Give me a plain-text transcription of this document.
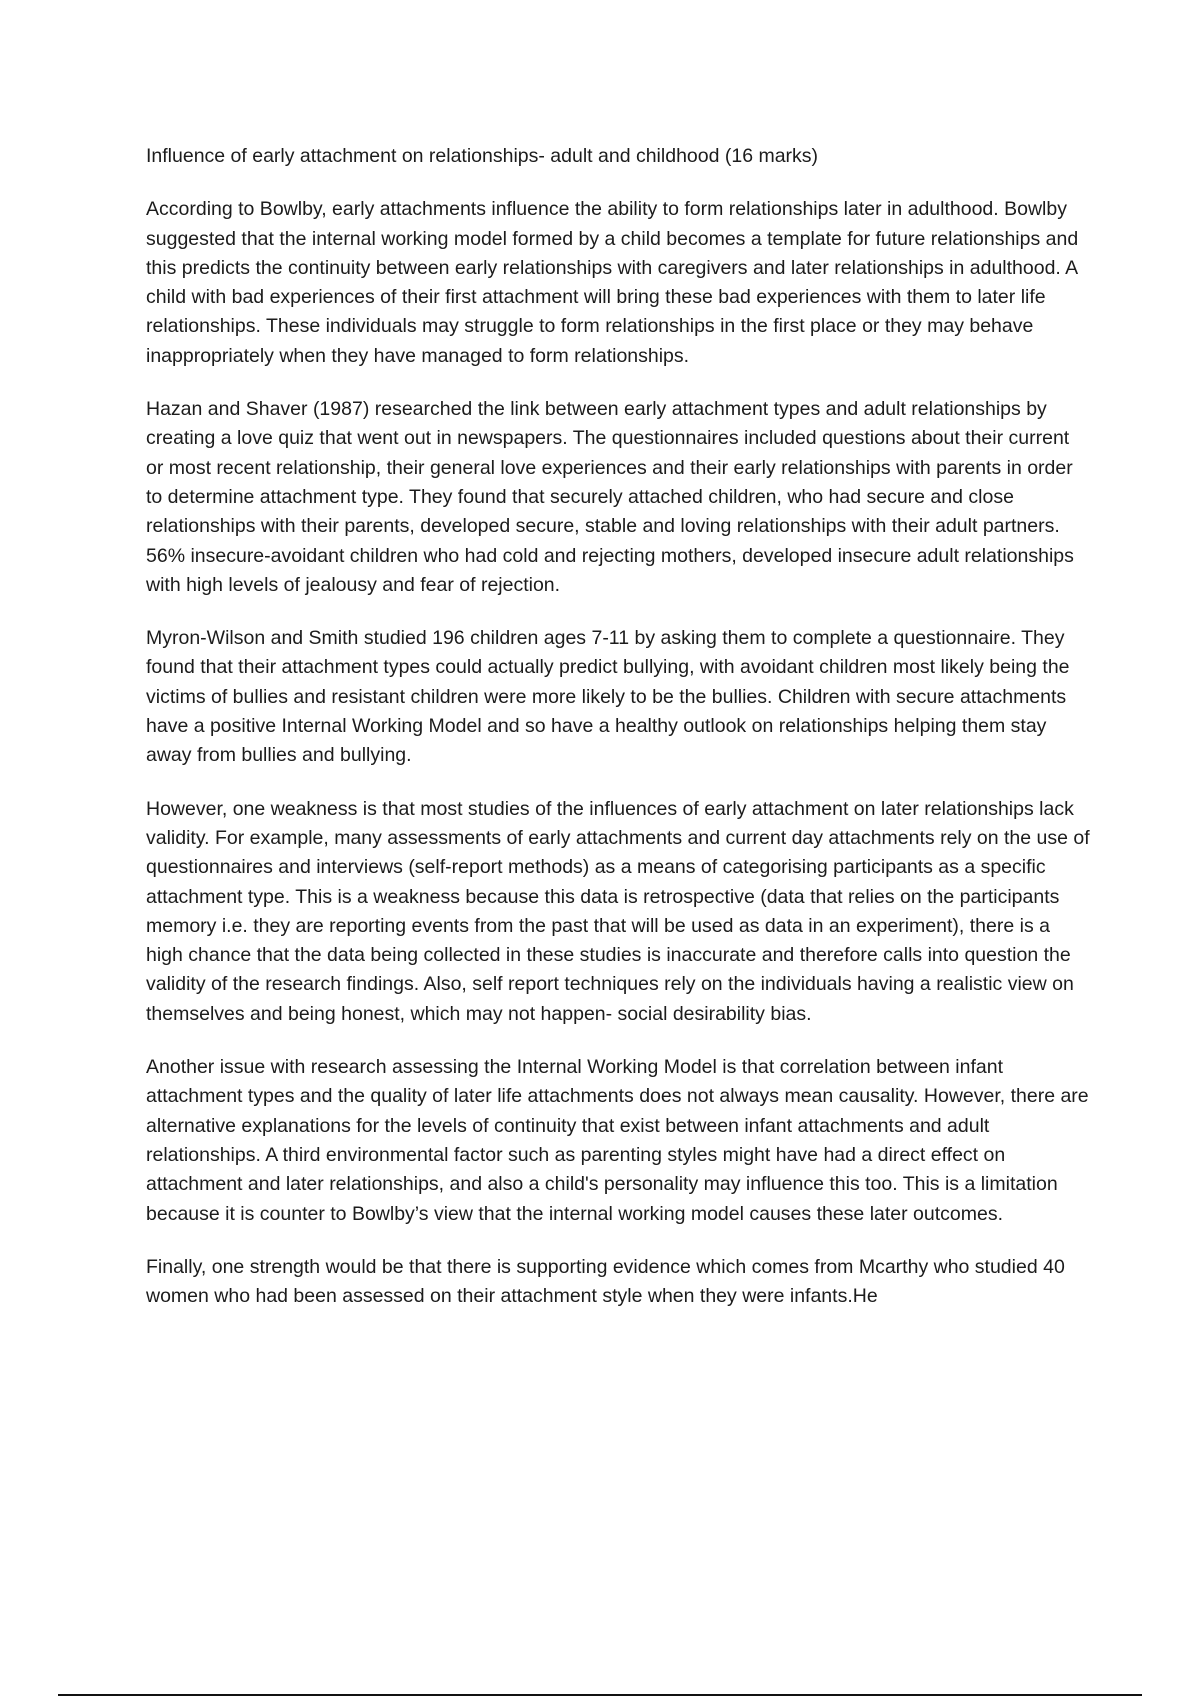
Influence of early attachment on relationships- adult and childhood (16 marks)

According to Bowlby, early attachments influence the ability to form relationships later in adulthood. Bowlby suggested that the internal working model formed by a child becomes a template for future relationships and this predicts the continuity between early relationships with caregivers and later relationships in adulthood. A child with bad experiences of their first attachment will bring these bad experiences with them to later life relationships. These individuals may struggle to form relationships in the first place or they may behave inappropriately when they have managed to form relationships.

Hazan and Shaver (1987) researched the link between early attachment types and adult relationships by creating a love quiz that went out in newspapers. The questionnaires included questions about their current or most recent relationship, their general love experiences and their early relationships with parents in order to determine attachment type. They found that securely attached children, who had secure and close relationships with their parents, developed secure, stable and loving relationships with their adult partners. 56% insecure-avoidant children who had cold and rejecting mothers, developed insecure adult relationships with high levels of jealousy and fear of rejection.

Myron-Wilson and Smith studied 196 children ages 7-11 by asking them to complete a questionnaire. They found that their attachment types could actually predict bullying, with avoidant children most likely being the victims of bullies and resistant children were more likely to be the bullies. Children with secure attachments have a positive Internal Working Model and so have a healthy outlook on relationships helping them stay away from bullies and bullying.

However, one weakness is that most studies of the influences of early attachment on later relationships lack validity. For example, many assessments of early attachments and current day attachments rely on the use of questionnaires and interviews (self-report methods) as a means of categorising participants as a specific attachment type. This is a weakness because this data is retrospective (data that relies on the participants memory i.e. they are reporting events from the past that will be used as data in an experiment), there is a high chance that the data being collected in these studies is inaccurate and therefore calls into question the validity of the research findings. Also, self report techniques rely on the individuals having a realistic view on themselves and being honest, which may not happen- social desirability bias.

Another issue with research assessing the Internal Working Model is that correlation between infant attachment types and the quality of later life attachments does not always mean causality. However, there are alternative explanations for the levels of continuity that exist between infant attachments and adult relationships. A third environmental factor such as parenting styles might have had a direct effect on attachment and later relationships, and also a child's personality may influence this too. This is a limitation because it is counter to Bowlby’s view that the internal working model causes these later outcomes.

Finally, one strength would be that there is supporting evidence which comes from Mcarthy who studied 40 women who had been assessed on their attachment style when they were infants.He
